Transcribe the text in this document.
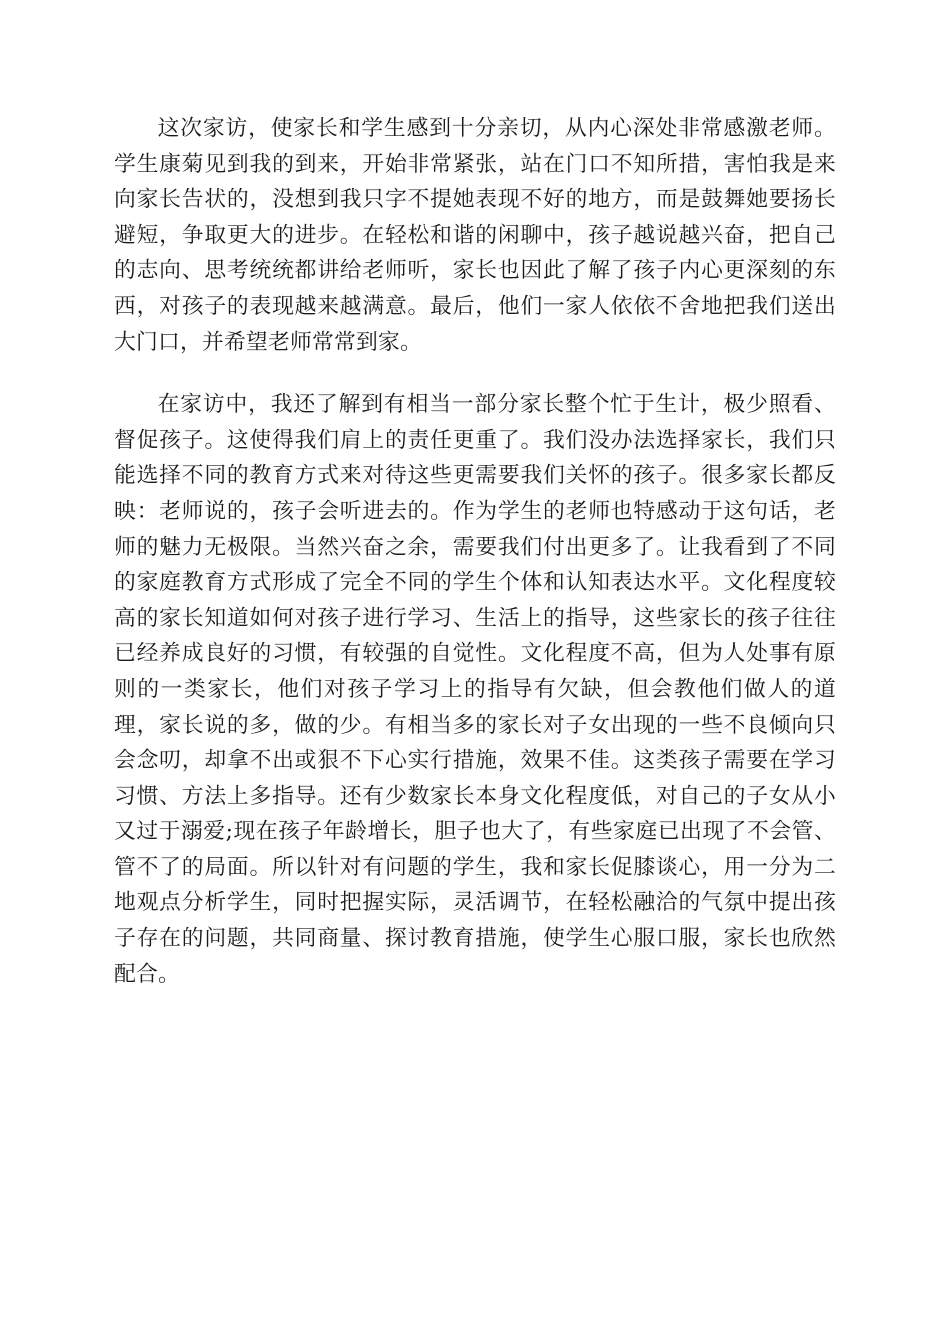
这次家访，使家长和学生感到十分亲切，从内心深处非常感激老师。学生康菊见到我的到来，开始非常紧张，站在门口不知所措，害怕我是来向家长告状的，没想到我只字不提她表现不好的地方，而是鼓舞她要扬长避短，争取更大的进步。在轻松和谐的闲聊中，孩子越说越兴奋，把自己的志向、思考统统都讲给老师听，家长也因此了解了孩子内心更深刻的东西，对孩子的表现越来越满意。最后，他们一家人依依不舍地把我们送出大门口，并希望老师常常到家。

在家访中，我还了解到有相当一部分家长整个忙于生计，极少照看、督促孩子。这使得我们肩上的责任更重了。我们没办法选择家长，我们只能选择不同的教育方式来对待这些更需要我们关怀的孩子。很多家长都反映：老师说的，孩子会听进去的。作为学生的老师也特感动于这句话，老师的魅力无极限。当然兴奋之余，需要我们付出更多了。让我看到了不同的家庭教育方式形成了完全不同的学生个体和认知表达水平。文化程度较高的家长知道如何对孩子进行学习、生活上的指导，这些家长的孩子往往已经养成良好的习惯，有较强的自觉性。文化程度不高，但为人处事有原则的一类家长，他们对孩子学习上的指导有欠缺，但会教他们做人的道理，家长说的多，做的少。有相当多的家长对子女出现的一些不良倾向只会念叨，却拿不出或狠不下心实行措施，效果不佳。这类孩子需要在学习习惯、方法上多指导。还有少数家长本身文化程度低，对自己的子女从小又过于溺爱;现在孩子年龄增长，胆子也大了，有些家庭已出现了不会管、管不了的局面。所以针对有问题的学生，我和家长促膝谈心，用一分为二地观点分析学生，同时把握实际，灵活调节，在轻松融洽的气氛中提出孩子存在的问题，共同商量、探讨教育措施，使学生心服口服，家长也欣然配合。
